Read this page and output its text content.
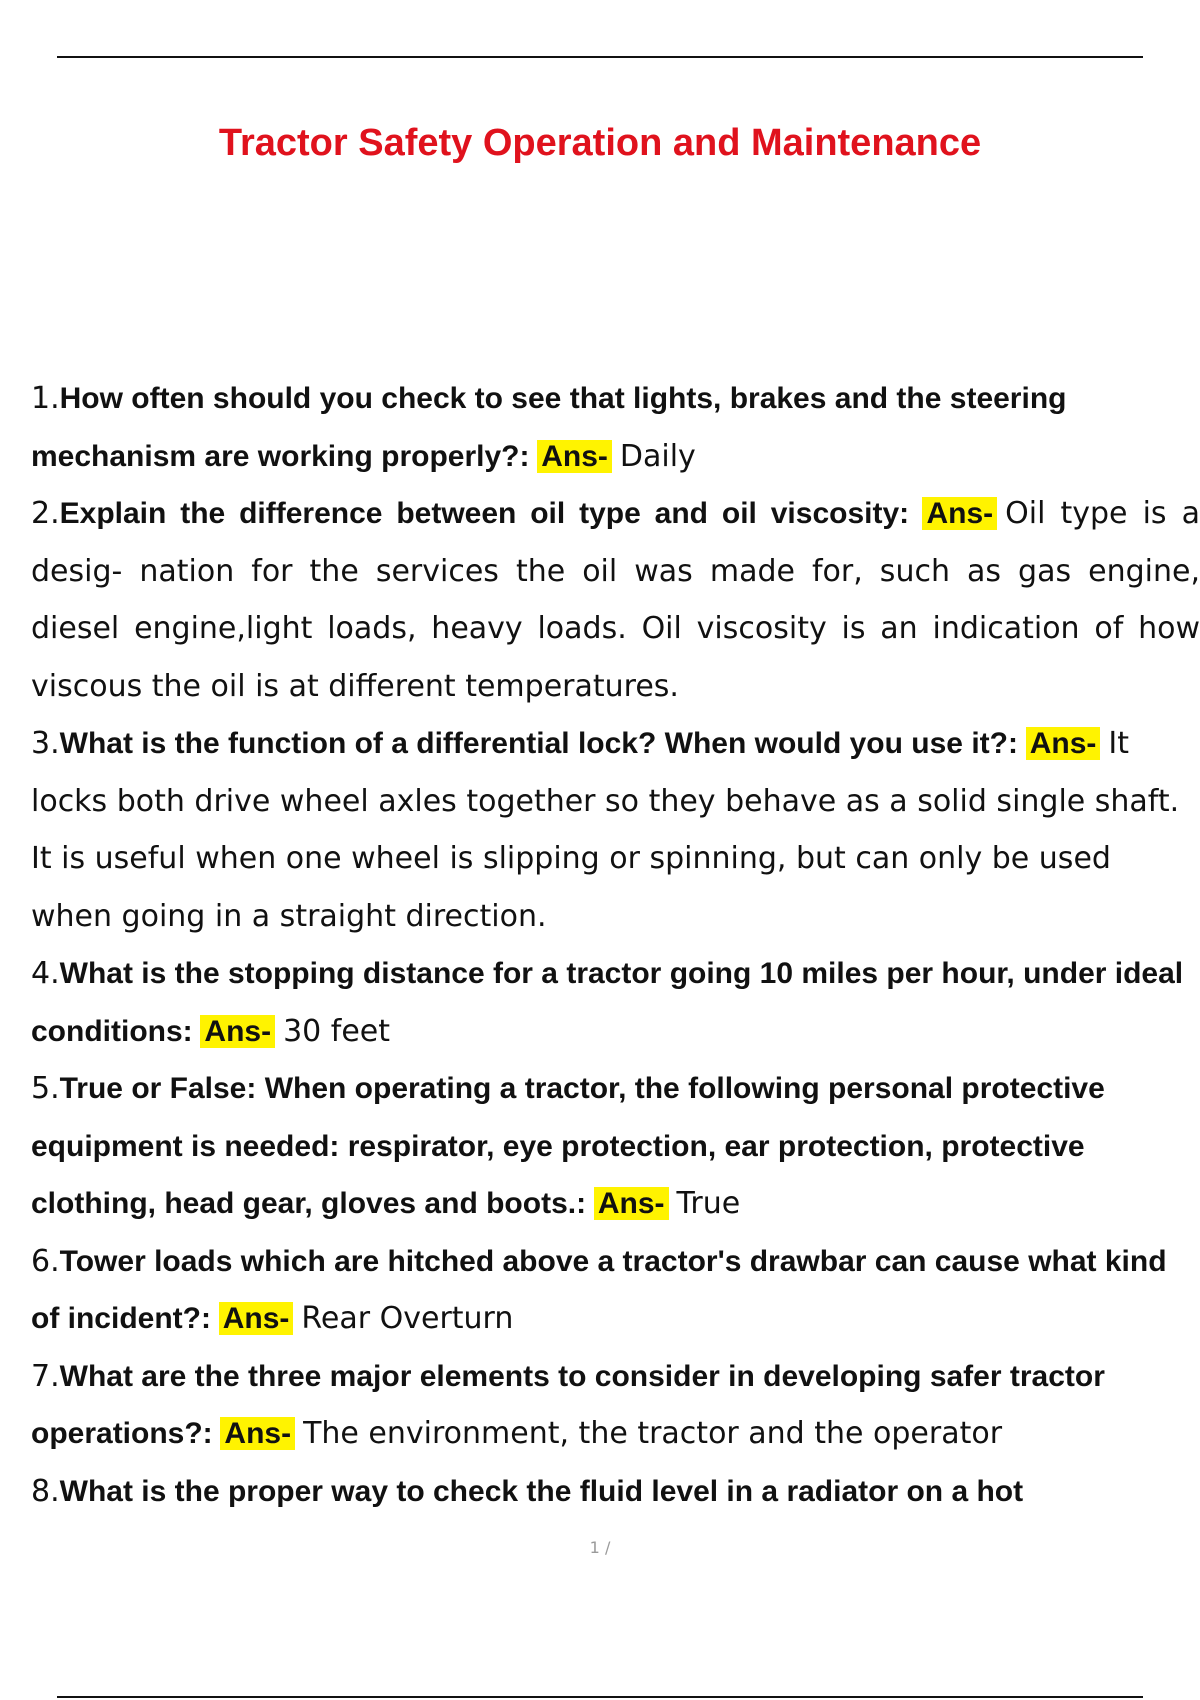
Tractor Safety Operation and Maintenance

1.How often should you check to see that lights, brakes and the steering mechanism are working properly?: Ans- Daily

2.Explain the difference between oil type and oil viscosity: Ans- Oil type is a desig- nation for the services the oil was made for, such as gas engine, diesel engine,light loads, heavy loads. Oil viscosity is an indication of how viscous the oil is at different temperatures.

3.What is the function of a differential lock? When would you use it?: Ans- It locks both drive wheel axles together so they behave as a solid single shaft. It is useful when one wheel is slipping or spinning, but can only be used when going in a straight direction.

4.What is the stopping distance for a tractor going 10 miles per hour, under ideal conditions: Ans- 30 feet

5.True or False: When operating a tractor, the following personal protective equipment is needed: respirator, eye protection, ear protection, protective clothing, head gear, gloves and boots.: Ans- True

6.Tower loads which are hitched above a tractor's drawbar can cause what kind of incident?: Ans- Rear Overturn

7.What are the three major elements to consider in developing safer tractor operations?: Ans- The environment, the tractor and the operator

8.What is the proper way to check the fluid level in a radiator on a hot

1 /
